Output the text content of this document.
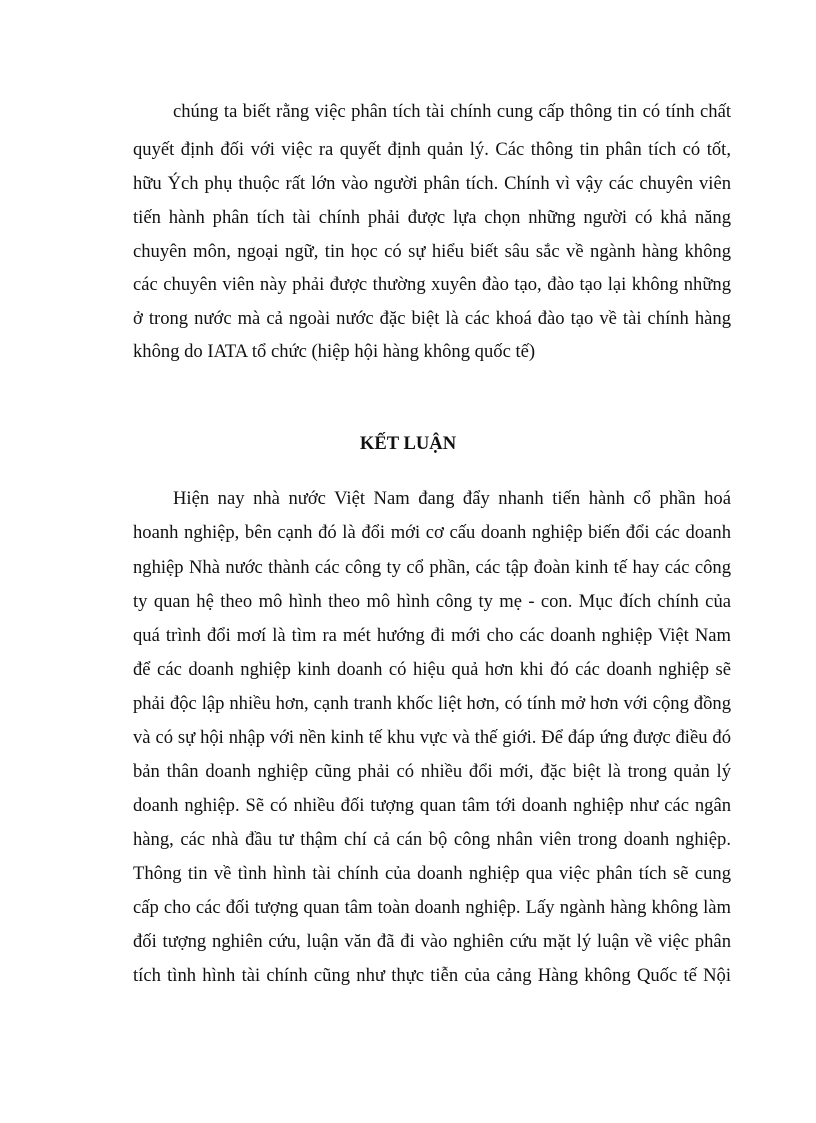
chúng ta biết rằng việc phân tích tài chính cung cấp thông tin có tính chất
quyết định đối với việc ra quyết định quản lý. Các thông tin phân tích có tốt,
hữu Ých phụ thuộc rất lớn vào người phân tích. Chính vì vậy các chuyên viên
tiến hành phân tích tài chính phải được lựa chọn những người có khả năng
chuyên môn, ngoại ngữ, tin học có sự hiểu biết sâu sắc về ngành hàng không
các chuyên viên này phải được thường xuyên đào tạo, đào tạo lại không những
ở trong nước mà cả ngoài nước đặc biệt là các khoá đào tạo về tài chính hàng
không do IATA tổ chức (hiệp hội hàng không quốc tế)
KẾT LUẬN
Hiện nay nhà nước Việt Nam đang đẩy nhanh tiến hành cổ phần hoá
hoanh nghiệp, bên cạnh đó là đổi mới cơ cấu doanh nghiệp biến đổi các doanh
nghiệp Nhà nước thành các công ty cổ phần, các tập đoàn kinh tế hay các công
ty quan hệ theo mô hình theo mô hình công ty mẹ - con. Mục đích chính của
quá trình đổi mơí là tìm ra mét hướng đi mới cho các doanh nghiệp Việt Nam
để các doanh nghiệp kinh doanh có hiệu quả hơn khi đó các doanh nghiệp sẽ
phải độc lập nhiều hơn, cạnh tranh khốc liệt hơn, có tính mở hơn với cộng đồng
và có sự hội nhập với nền kinh tế khu vực và thế giới. Để đáp ứng được điều đó
bản thân doanh nghiệp cũng phải có nhiều đổi mới, đặc biệt là trong quản lý
doanh nghiệp. Sẽ có nhiều đối tượng quan tâm tới doanh nghiệp như các ngân
hàng, các nhà đầu tư thậm chí cả cán bộ công nhân viên trong doanh nghiệp.
Thông tin về tình hình tài chính của doanh nghiệp qua việc phân tích sẽ cung
cấp cho các đối tượng quan tâm toàn doanh nghiệp. Lấy ngành hàng không làm
đối tượng nghiên cứu, luận văn đã đi vào nghiên cứu mặt lý luận về việc phân
tích tình hình tài chính cũng như thực tiễn của cảng Hàng không Quốc tế Nội
